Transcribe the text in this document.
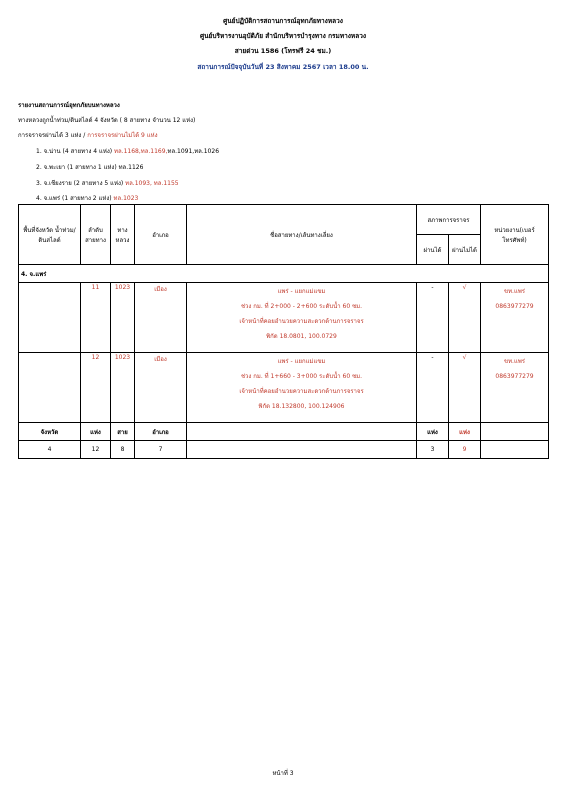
ศูนย์ปฏิบัติการสถานการณ์อุทกภัยทางหลวง
ศูนย์บริหารงานอุบัติภัย สำนักบริหารบำรุงทาง กรมทางหลวง
สายด่วน 1586 (โทรฟรี 24 ชม.)
สถานการณ์ปัจจุบันวันที่ 23 สิงหาคม 2567 เวลา 18.00 น.
รายงานสถานการณ์อุทกภัยบนทางหลวง
ทางหลวงถูกน้ำท่วม/ดินสไลด์ 4 จังหวัด ( 8 สายทาง จำนวน 12 แห่ง)
การจราจรผ่านได้ 3 แห่ง / การจราจรผ่านไม่ได้ 9 แห่ง
1. จ.น่าน (4 สายทาง 4 แห่ง) ทล.1168,ทล.1169,ทล.1091,ทล.1026
2. จ.พะเยา (1 สายทาง 1 แห่ง) ทล.1126
3. จ.เชียงราย (2 สายทาง 5 แห่ง) ทล.1093, ทล.1155
4. จ.แพร่ (1 สายทาง 2 แห่ง) ทล.1023
พื้นที่จังหวัด น้ำท่วม/ดินสไลด์	ลำดับ สายทาง	ทาง หลวง	อำเภอ	ชื่อสายทาง/เส้นทางเลี่ยง	สภาพการจราจร		หน่วยงาน(เบอร์โทรศัพท์)
					ผ่านได้	ผ่านไม่ได้	
4. จ.แพร่							
	11	1023	เมือง	แพร่ - แยกแม่แขม
ช่วง กม. ที่ 2+000 - 2+600 ระดับน้ำ 60 ซม.
เจ้าหน้าที่คอยอำนวยความสะดวกด้านการจราจร
พิกัด 18.0801, 100.0729	-	√	ขท.แพร่
0863977279

	12	1023	เมือง	แพร่ - แยกแม่แขม
ช่วง กม. ที่ 1+660 - 3+000 ระดับน้ำ 60 ซม.
เจ้าหน้าที่คอยอำนวยความสะดวกด้านการจราจร
พิกัด 18.132800, 100.124906	-	√	ขท.แพร่
0863977279

จังหวัด	แห่ง	สาย	อำเภอ		แห่ง	แห่ง	
4	12	8	7		3	9	
หน้าที่ 3
